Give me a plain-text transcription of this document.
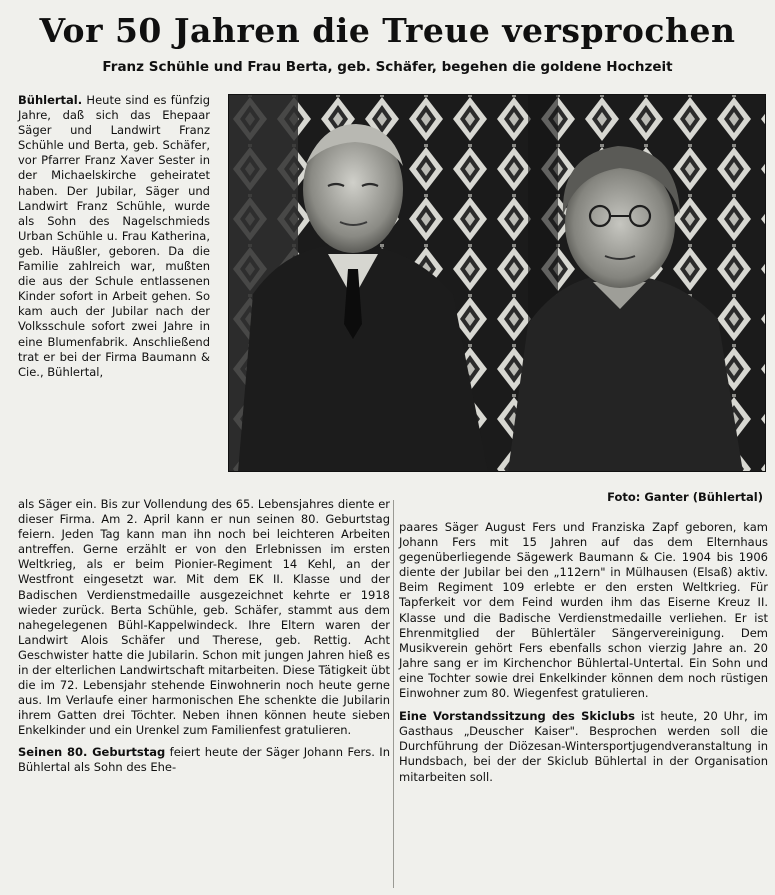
Vor 50 Jahren die Treue versprochen
Franz Schühle und Frau Berta, geb. Schäfer, begehen die goldene Hochzeit

Bühlertal. Heute sind es fünfzig Jahre, daß sich das Ehepaar Säger und Landwirt Franz Schühle und Berta, geb. Schäfer, vor Pfarrer Franz Xaver Sester in der Michaelskirche geheiratet haben. Der Jubilar, Säger und Landwirt Franz Schühle, wurde als Sohn des Nagelschmieds Urban Schühle u. Frau Katherina, geb. Häußler, geboren. Da die Familie zahlreich war, mußten die aus der Schule entlassenen Kinder sofort in Arbeit gehen. So kam auch der Jubilar nach der Volksschule sofort zwei Jahre in eine Blumenfabrik. Anschließend trat er bei der Firma Baumann & Cie., Bühlertal,

Foto: Ganter (Bühlertal)

als Säger ein. Bis zur Vollendung des 65. Lebensjahres diente er dieser Firma. Am 2. April kann er nun seinen 80. Geburtstag feiern. Jeden Tag kann man ihn noch bei leichteren Arbeiten antreffen. Gerne erzählt er von den Erlebnissen im ersten Weltkrieg, als er beim Pionier-Regiment 14 Kehl, an der Westfront eingesetzt war. Mit dem EK II. Klasse und der Badischen Verdienstmedaille ausgezeichnet kehrte er 1918 wieder zurück. Berta Schühle, geb. Schäfer, stammt aus dem nahegelegenen Bühl-Kappelwindeck. Ihre Eltern waren der Landwirt Alois Schäfer und Therese, geb. Rettig. Acht Geschwister hatte die Jubilarin. Schon mit jungen Jahren hieß es in der elterlichen Landwirtschaft mitarbeiten. Diese Tätigkeit übt die im 72. Lebensjahr stehende Einwohnerin noch heute gerne aus. Im Verlaufe einer harmonischen Ehe schenkte die Jubilarin ihrem Gatten drei Töchter. Neben ihnen können heute sieben Enkelkinder und ein Urenkel zum Familienfest gratulieren.

Seinen 80. Geburtstag feiert heute der Säger Johann Fers. In Bühlertal als Sohn des Ehe-

paares Säger August Fers und Franziska Zapf geboren, kam Johann Fers mit 15 Jahren auf das dem Elternhaus gegenüberliegende Sägewerk Baumann & Cie. 1904 bis 1906 diente der Jubilar bei den „112ern" in Mülhausen (Elsaß) aktiv. Beim Regiment 109 erlebte er den ersten Weltkrieg. Für Tapferkeit vor dem Feind wurden ihm das Eiserne Kreuz II. Klasse und die Badische Verdienstmedaille verliehen. Er ist Ehrenmitglied der Bühlertäler Sängervereinigung. Dem Musikverein gehört Fers ebenfalls schon vierzig Jahre an. 20 Jahre sang er im Kirchenchor Bühlertal-Untertal. Ein Sohn und eine Tochter sowie drei Enkelkinder können dem noch rüstigen Einwohner zum 80. Wiegenfest gratulieren.

Eine Vorstandssitzung des Skiclubs ist heute, 20 Uhr, im Gasthaus „Deuscher Kaiser". Besprochen werden soll die Durchführung der Diözesan-Wintersportjugendveranstaltung in Hundsbach, bei der der Skiclub Bühlertal in der Organisation mitarbeiten soll.
